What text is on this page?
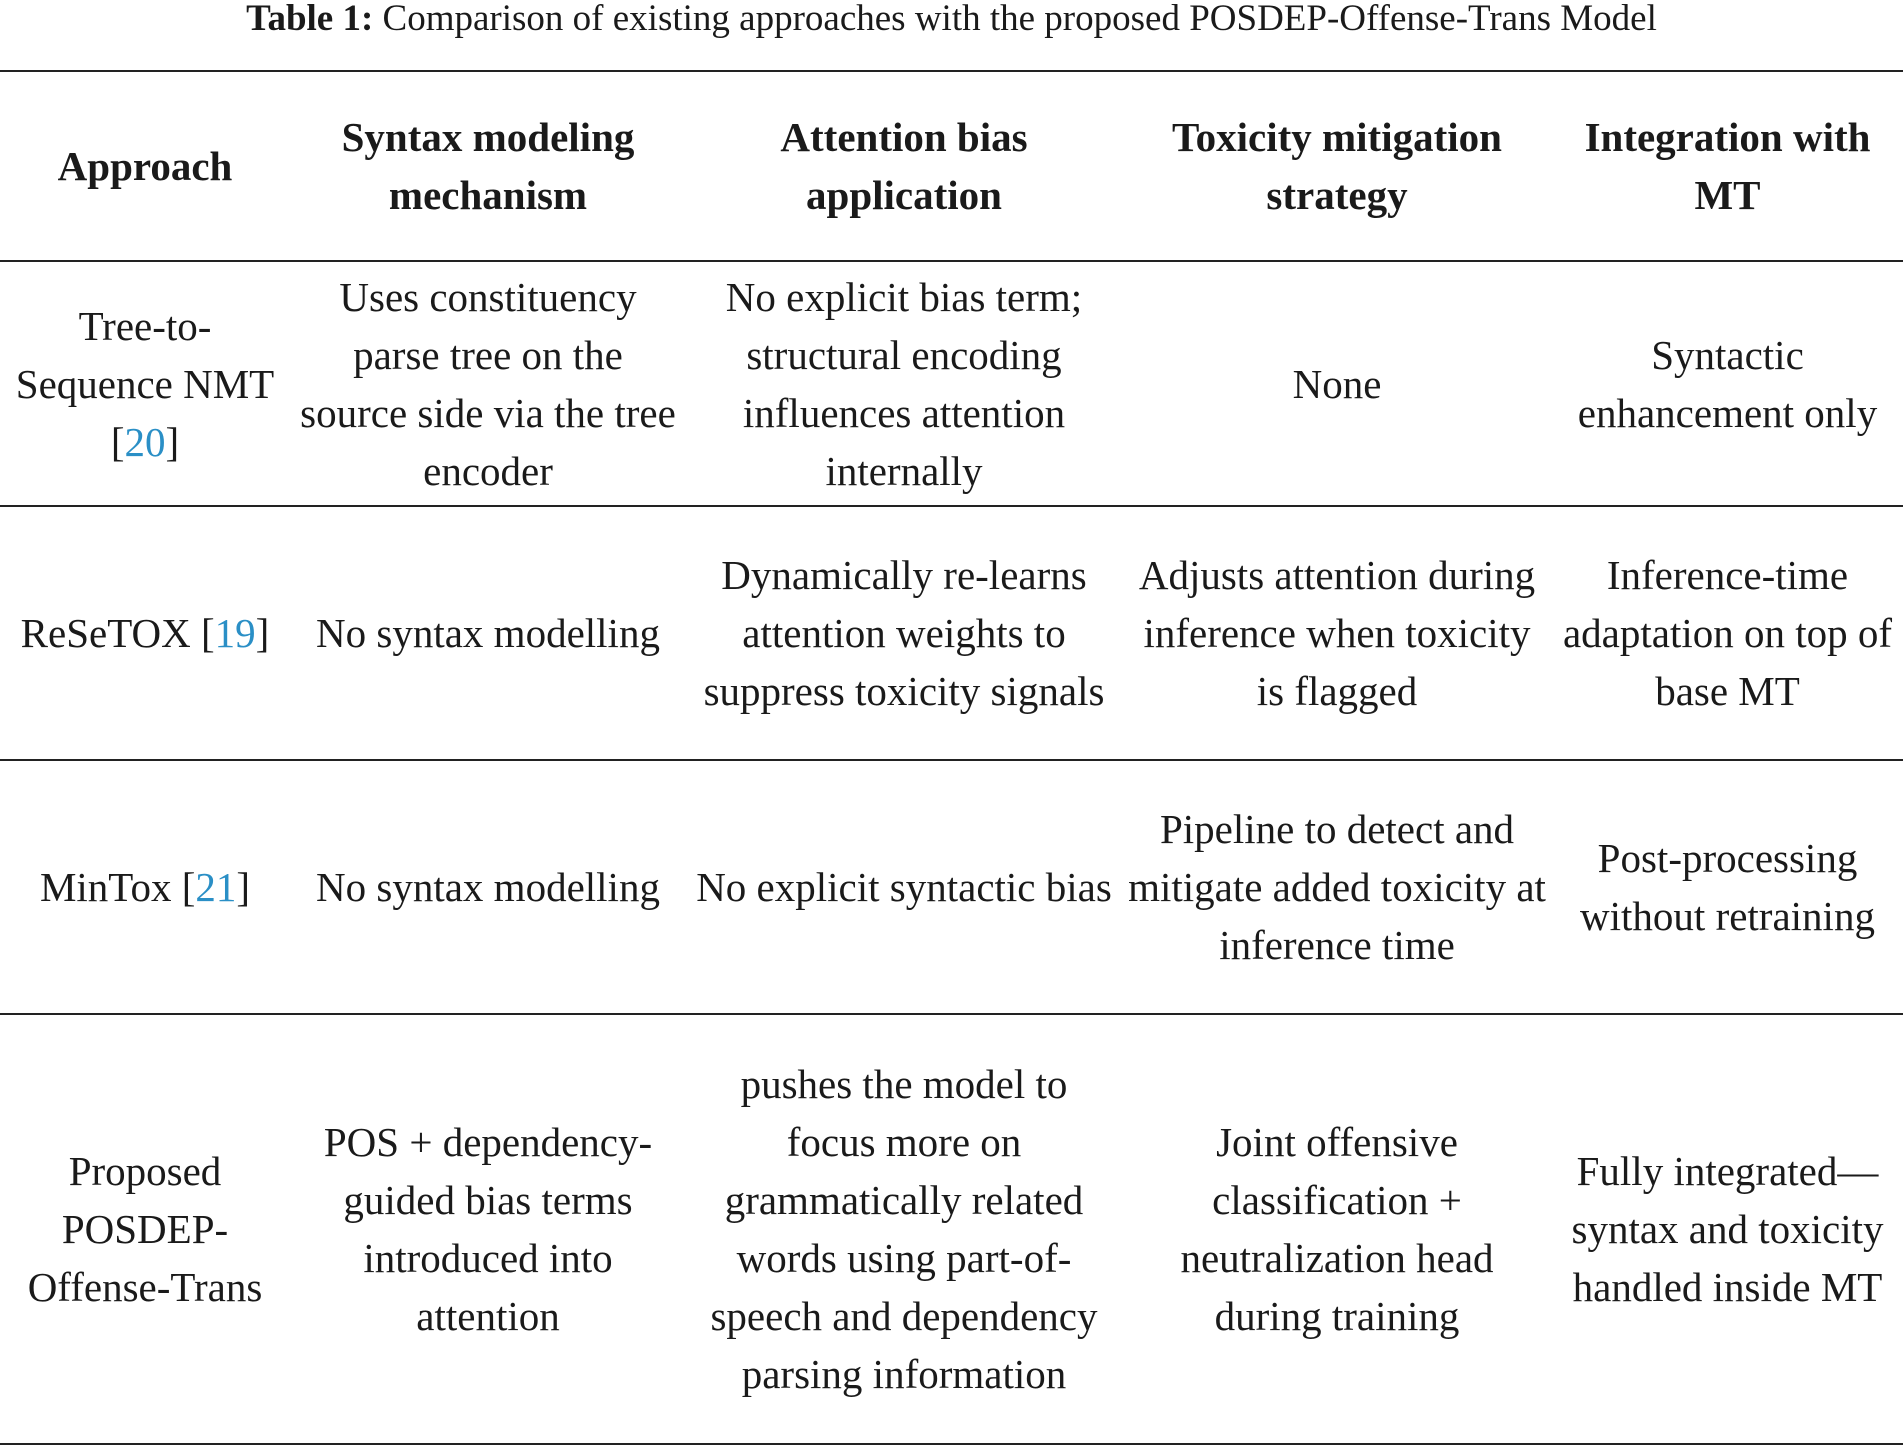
Table 1: Comparison of existing approaches with the proposed POSDEP-Offense-Trans Model
Approach	Syntax modeling mechanism	Attention bias application	Toxicity mitigation strategy	Integration with MT
Tree-to-Sequence NMT [20]	Uses constituency parse tree on the source side via the tree encoder	No explicit bias term; structural encoding influences attention internally	None	Syntactic enhancement only
ReSeTOX [19]	No syntax modelling	Dynamically re-learns attention weights to suppress toxicity signals	Adjusts attention during inference when toxicity is flagged	Inference-time adaptation on top of base MT
MinTox [21]	No syntax modelling	No explicit syntactic bias	Pipeline to detect and mitigate added toxicity at inference time	Post-processing without retraining
Proposed POSDEP-Offense-Trans	POS + dependency-guided bias terms introduced into attention	pushes the model to focus more on grammatically related words using part-of-speech and dependency parsing information	Joint offensive classification + neutralization head during training	Fully integrated—syntax and toxicity handled inside MT
